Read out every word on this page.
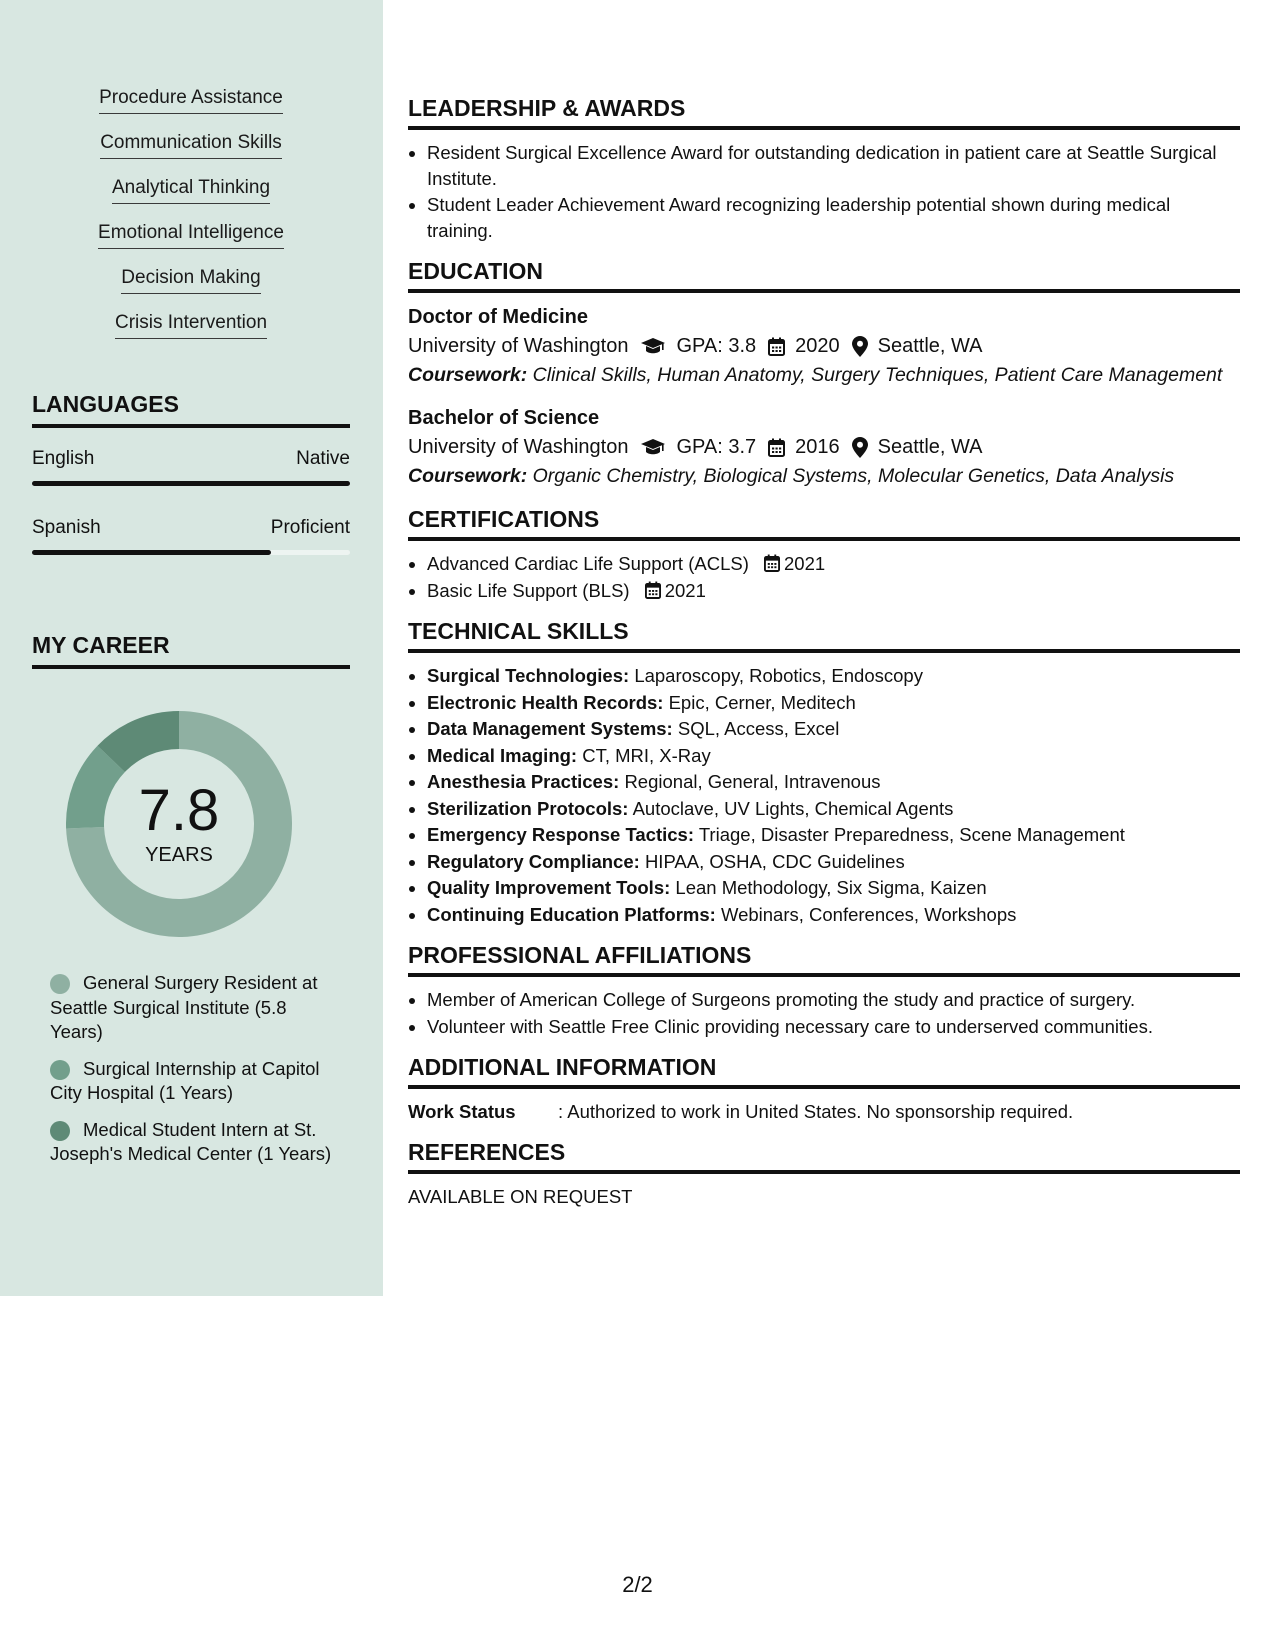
Procedure Assistance
Communication Skills
Analytical Thinking
Emotional Intelligence
Decision Making
Crisis Intervention
LANGUAGES
English	Native
Spanish	Proficient
MY CAREER
7.8
YEARS
General Surgery Resident at Seattle Surgical Institute (5.8 Years)
Surgical Internship at Capitol City Hospital (1 Years)
Medical Student Intern at St. Joseph's Medical Center (1 Years)
LEADERSHIP & AWARDS
• Resident Surgical Excellence Award for outstanding dedication in patient care at Seattle Surgical Institute.
• Student Leader Achievement Award recognizing leadership potential shown during medical training.
EDUCATION
Doctor of Medicine
University of Washington GPA: 3.8 2020 Seattle, WA
Coursework: Clinical Skills, Human Anatomy, Surgery Techniques, Patient Care Management
Bachelor of Science
University of Washington GPA: 3.7 2016 Seattle, WA
Coursework: Organic Chemistry, Biological Systems, Molecular Genetics, Data Analysis
CERTIFICATIONS
• Advanced Cardiac Life Support (ACLS) 2021
• Basic Life Support (BLS) 2021
TECHNICAL SKILLS
• Surgical Technologies: Laparoscopy, Robotics, Endoscopy
• Electronic Health Records: Epic, Cerner, Meditech
• Data Management Systems: SQL, Access, Excel
• Medical Imaging: CT, MRI, X-Ray
• Anesthesia Practices: Regional, General, Intravenous
• Sterilization Protocols: Autoclave, UV Lights, Chemical Agents
• Emergency Response Tactics: Triage, Disaster Preparedness, Scene Management
• Regulatory Compliance: HIPAA, OSHA, CDC Guidelines
• Quality Improvement Tools: Lean Methodology, Six Sigma, Kaizen
• Continuing Education Platforms: Webinars, Conferences, Workshops
PROFESSIONAL AFFILIATIONS
• Member of American College of Surgeons promoting the study and practice of surgery.
• Volunteer with Seattle Free Clinic providing necessary care to underserved communities.
ADDITIONAL INFORMATION
Work Status	: Authorized to work in United States. No sponsorship required.
REFERENCES
AVAILABLE ON REQUEST
2/2
